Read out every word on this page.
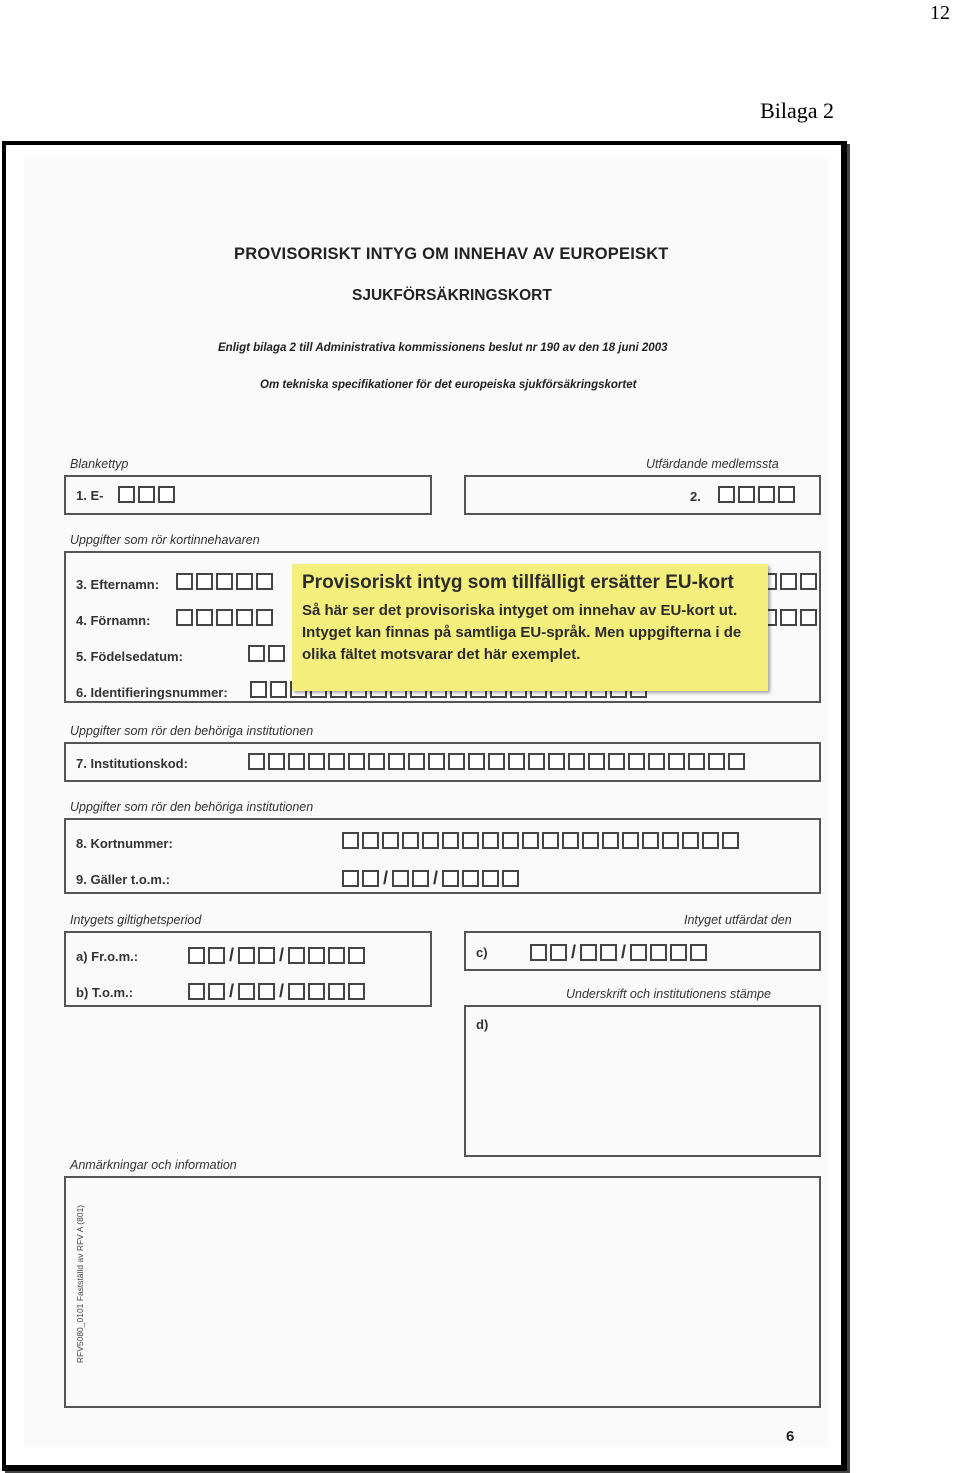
12
Bilaga 2
PROVISORISKT INTYG OM INNEHAV AV EUROPEISKT
SJUKFÖRSÄKRINGSKORT
Enligt bilaga 2 till Administrativa kommissionens beslut nr 190 av den 18 juni 2003
Om tekniska specifikationer för det europeiska sjukförsäkringskortet
Blankettyp	Utfärdande medlemssta
1. E-	2.
Uppgifter som rör kortinnehavaren
3. Efternamn:
4. Förnamn:
5. Födelsedatum:
6. Identifieringsnummer:
Provisoriskt intyg som tillfälligt ersätter EU-kort
Så här ser det provisoriska intyget om innehav av EU-kort ut. Intyget kan finnas på samtliga EU-språk. Men uppgifterna i de olika fältet motsvarar det här exemplet.
Uppgifter som rör den behöriga institutionen
7. Institutionskod:
Uppgifter som rör den behöriga institutionen
8. Kortnummer:
9. Gäller t.o.m.:	/	/
Intygets giltighetsperiod	Intyget utfärdat den
a) Fr.o.m.:	/	/
b) T.o.m.:	/	/
c)	/	/
Underskrift och institutionens stämpe
d)
Anmärkningar och information
RFV5080_0101 Fastställd av RFV A (801)
6
